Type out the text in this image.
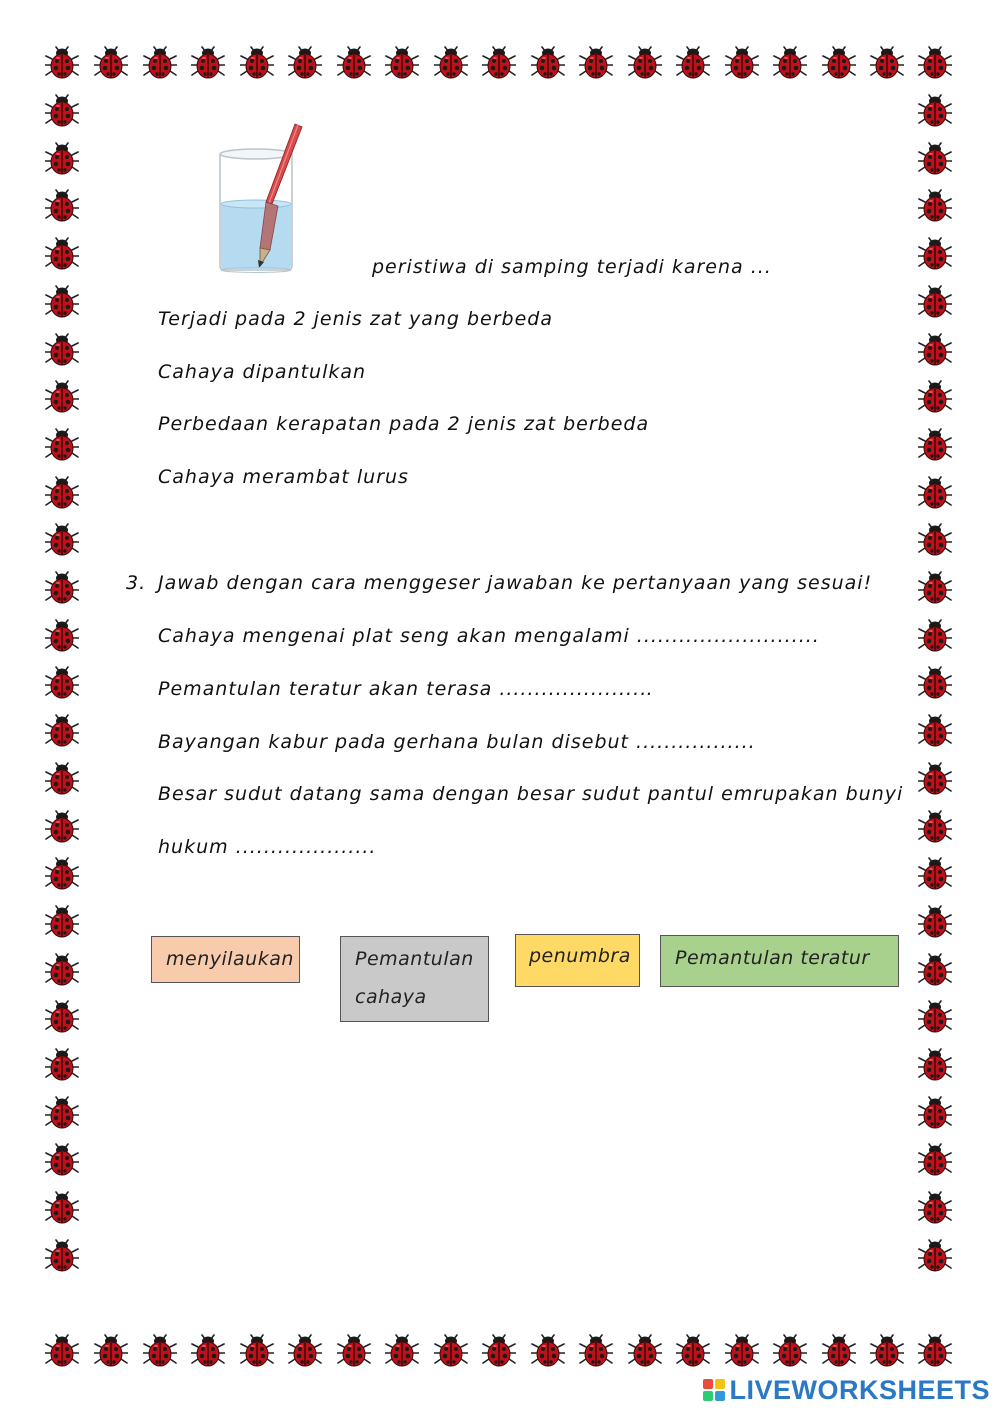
peristiwa di samping terjadi karena ...
Terjadi pada 2 jenis zat yang berbeda
Cahaya dipantulkan
Perbedaan kerapatan pada 2 jenis zat berbeda
Cahaya merambat lurus
3. Jawab dengan cara menggeser jawaban ke pertanyaan yang sesuai!
Cahaya mengenai plat seng akan mengalami ..........................
Pemantulan teratur akan terasa ....................‥
Bayangan kabur pada gerhana bulan disebut .................
Besar sudut datang sama dengan besar sudut pantul emrupakan bunyi
hukum ....................
menyilaukan	Pemantulan
cahaya
penumbra Pemantulan teratur
LIVEWORKSHEETS
